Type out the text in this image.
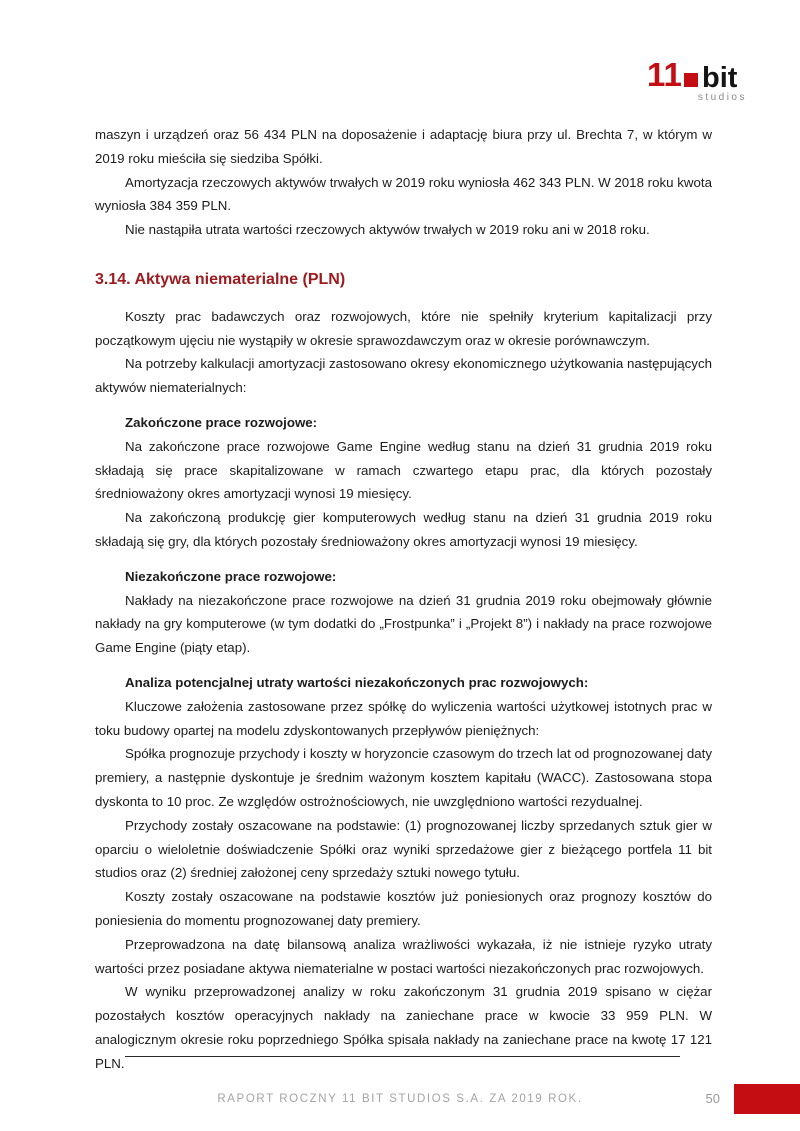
11 bit
studios

maszyn i urządzeń oraz 56 434 PLN na doposażenie i adaptację biura przy ul. Brechta 7, w którym w 2019 roku mieściła się siedziba Spółki.

Amortyzacja rzeczowych aktywów trwałych w 2019 roku wyniosła 462 343 PLN. W 2018 roku kwota wyniosła 384 359 PLN.

Nie nastąpiła utrata wartości rzeczowych aktywów trwałych w 2019 roku ani w 2018 roku.

3.14. Aktywa niematerialne (PLN)

Koszty prac badawczych oraz rozwojowych, które nie spełniły kryterium kapitalizacji przy początkowym ujęciu nie wystąpiły w okresie sprawozdawczym oraz w okresie porównawczym.

Na potrzeby kalkulacji amortyzacji zastosowano okresy ekonomicznego użytkowania następujących aktywów niematerialnych:

Zakończone prace rozwojowe:

Na zakończone prace rozwojowe Game Engine według stanu na dzień 31 grudnia 2019 roku składają się prace skapitalizowane w ramach czwartego etapu prac, dla których pozostały średnioważony okres amortyzacji wynosi 19 miesięcy.

Na zakończoną produkcję gier komputerowych według stanu na dzień 31 grudnia 2019 roku składają się gry, dla których pozostały średnioważony okres amortyzacji wynosi 19 miesięcy.

Niezakończone prace rozwojowe:

Nakłady na niezakończone prace rozwojowe na dzień 31 grudnia 2019 roku obejmowały głównie nakłady na gry komputerowe (w tym dodatki do „Frostpunka” i „Projekt 8”) i nakłady na prace rozwojowe Game Engine (piąty etap).

Analiza potencjalnej utraty wartości niezakończonych prac rozwojowych:

Kluczowe założenia zastosowane przez spółkę do wyliczenia wartości użytkowej istotnych prac w toku budowy opartej na modelu zdyskontowanych przepływów pieniężnych:

Spółka prognozuje przychody i koszty w horyzoncie czasowym do trzech lat od prognozowanej daty premiery, a następnie dyskontuje je średnim ważonym kosztem kapitału (WACC). Zastosowana stopa dyskonta to 10 proc. Ze względów ostrożnościowych, nie uwzględniono wartości rezydualnej.

Przychody zostały oszacowane na podstawie: (1) prognozowanej liczby sprzedanych sztuk gier w oparciu o wieloletnie doświadczenie Spółki oraz wyniki sprzedażowe gier z bieżącego portfela 11 bit studios oraz (2) średniej założonej ceny sprzedaży sztuki nowego tytułu.

Koszty zostały oszacowane na podstawie kosztów już poniesionych oraz prognozy kosztów do poniesienia do momentu prognozowanej daty premiery.

Przeprowadzona na datę bilansową analiza wrażliwości wykazała, iż nie istnieje ryzyko utraty wartości przez posiadane aktywa niematerialne w postaci wartości niezakończonych prac rozwojowych.

W wyniku przeprowadzonej analizy w roku zakończonym 31 grudnia 2019 spisano w ciężar pozostałych kosztów operacyjnych nakłady na zaniechane prace w kwocie 33 959 PLN. W analogicznym okresie roku poprzedniego Spółka spisała nakłady na zaniechane prace na kwotę 17 121 PLN.

RAPORT ROCZNY 11 BIT STUDIOS S.A. ZA 2019 ROK.	50
